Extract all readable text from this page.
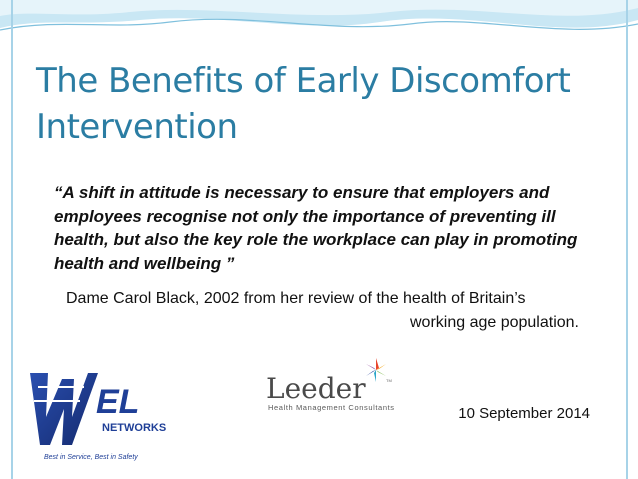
The Benefits of Early Discomfort Intervention
“A shift in attitude is necessary to ensure that employers and employees recognise not only the importance of preventing ill health, but also the key role the workplace can play in promoting health and wellbeing ”
Dame Carol Black, 2002 from her review of the health of Britain’s
working age population.
EL
NETWORKS
Best in Service, Best in Safety
Leeder	TM
Health Management Consultants	10 September 2014
